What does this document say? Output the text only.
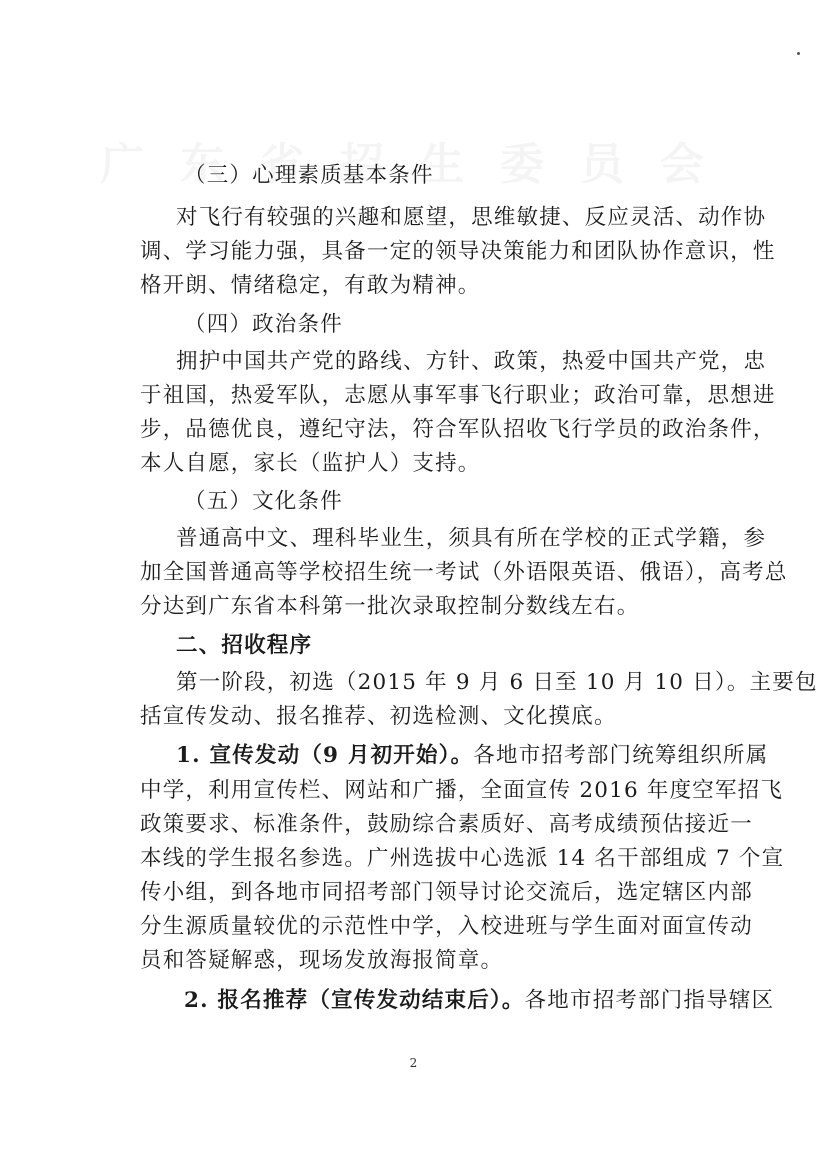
（三）心理素质基本条件
对飞行有较强的兴趣和愿望，思维敏捷、反应灵活、动作协
调、学习能力强，具备一定的领导决策能力和团队协作意识，性
格开朗、情绪稳定，有敢为精神。
（四）政治条件
拥护中国共产党的路线、方针、政策，热爱中国共产党，忠
于祖国，热爱军队，志愿从事军事飞行职业；政治可靠，思想进
步，品德优良，遵纪守法，符合军队招收飞行学员的政治条件，
本人自愿，家长（监护人）支持。
（五）文化条件
普通高中文、理科毕业生，须具有所在学校的正式学籍，参
加全国普通高等学校招生统一考试（外语限英语、俄语），高考总
分达到广东省本科第一批次录取控制分数线左右。
二、招收程序
第一阶段，初选（2015 年 9 月 6 日至 10 月 10 日）。主要包
括宣传发动、报名推荐、初选检测、文化摸底。
1. 宣传发动（9 月初开始）。各地市招考部门统筹组织所属
中学，利用宣传栏、网站和广播，全面宣传 2016 年度空军招飞
政策要求、标准条件，鼓励综合素质好、高考成绩预估接近一
本线的学生报名参选。广州选拔中心选派 14 名干部组成 7 个宣
传小组，到各地市同招考部门领导讨论交流后，选定辖区内部
分生源质量较优的示范性中学，入校进班与学生面对面宣传动
员和答疑解惑，现场发放海报简章。
2. 报名推荐（宣传发动结束后）。各地市招考部门指导辖区
2
